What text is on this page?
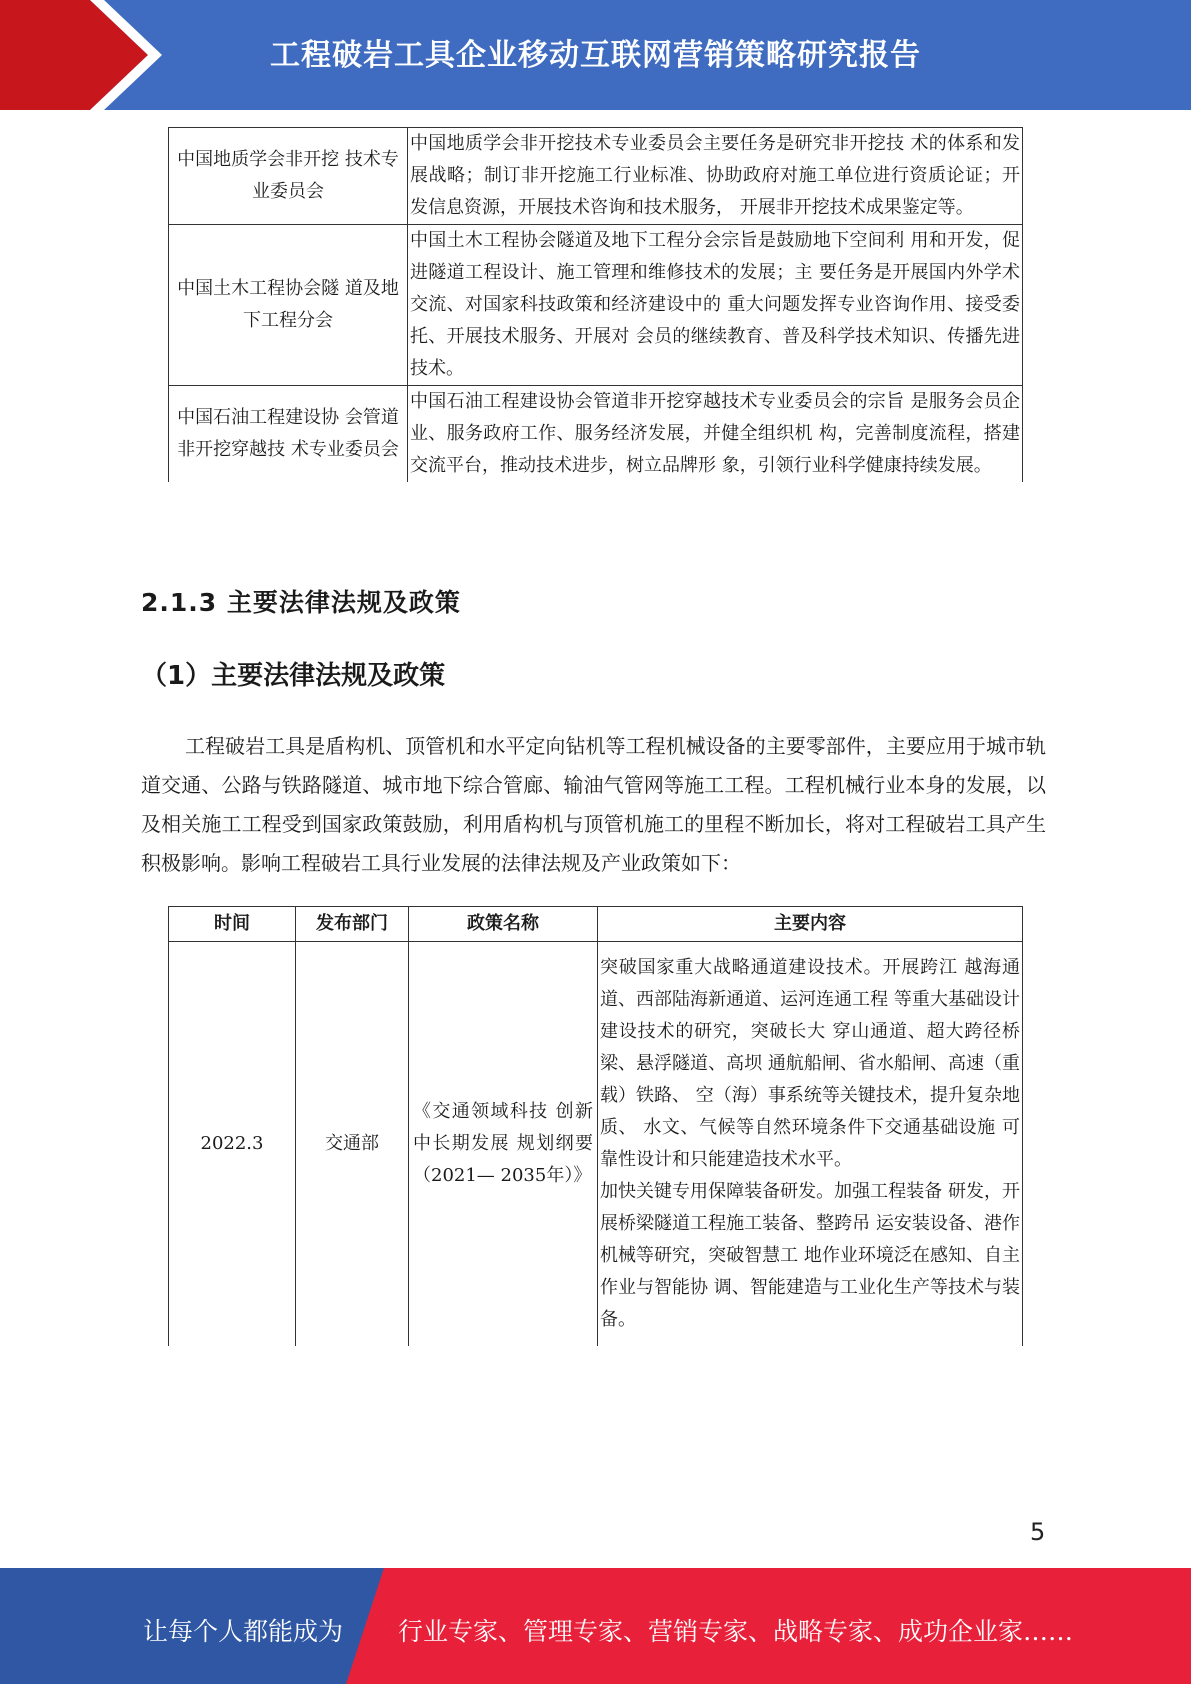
工程破岩工具企业移动互联网营销策略研究报告
中国地质学会非开挖 技术专业委员会	中国地质学会非开挖技术专业委员会主要任务是研究非开挖技 术的体系和发展战略；制订非开挖施工行业标准、协助政府对施工单位进行资质论证；开发信息资源，开展技术咨询和技术服务， 开展非开挖技术成果鉴定等。
中国土木工程协会隧 道及地下工程分会	中国土木工程协会隧道及地下工程分会宗旨是鼓励地下空间利 用和开发，促进隧道工程设计、施工管理和维修技术的发展；主 要任务是开展国内外学术交流、对国家科技政策和经济建设中的 重大问题发挥专业咨询作用、接受委托、开展技术服务、开展对 会员的继续教育、普及科学技术知识、传播先进技术。
中国石油工程建设协 会管道非开挖穿越技 术专业委员会	中国石油工程建设协会管道非开挖穿越技术专业委员会的宗旨 是服务会员企业、服务政府工作、服务经济发展，并健全组织机 构，完善制度流程，搭建交流平台，推动技术进步，树立品牌形 象，引领行业科学健康持续发展。
2.1.3 主要法律法规及政策
（1）主要法律法规及政策
工程破岩工具是盾构机、顶管机和水平定向钻机等工程机械设备的主要零部件，主要应用于城市轨道交通、公路与铁路隧道、城市地下综合管廊、输油气管网等施工工程。工程机械行业本身的发展，以及相关施工工程受到国家政策鼓励，利用盾构机与顶管机施工的里程不断加长，将对工程破岩工具产生积极影响。影响工程破岩工具行业发展的法律法规及产业政策如下：
时间	发布部门	政策名称	主要内容
2022.3	交通部	《交通领域科技 创新中长期发展 规划纲要（2021— 2035年）》	突破国家重大战略通道建设技术。开展跨江 越海通道、西部陆海新通道、运河连通工程 等重大基础设计建设技术的研究，突破长大 穿山通道、超大跨径桥梁、悬浮隧道、高坝 通航船闸、省水船闸、高速（重载）铁路、 空（海）事系统等关键技术，提升复杂地质、 水文、气候等自然环境条件下交通基础设施 可靠性设计和只能建造技术水平。
加快关键专用保障装备研发。加强工程装备 研发，开展桥梁隧道工程施工装备、整跨吊 运安装设备、港作机械等研究，突破智慧工 地作业环境泛在感知、自主作业与智能协 调、智能建造与工业化生产等技术与装备。
5
让每个人都能成为 行业专家、管理专家、营销专家、战略专家、成功企业家……
